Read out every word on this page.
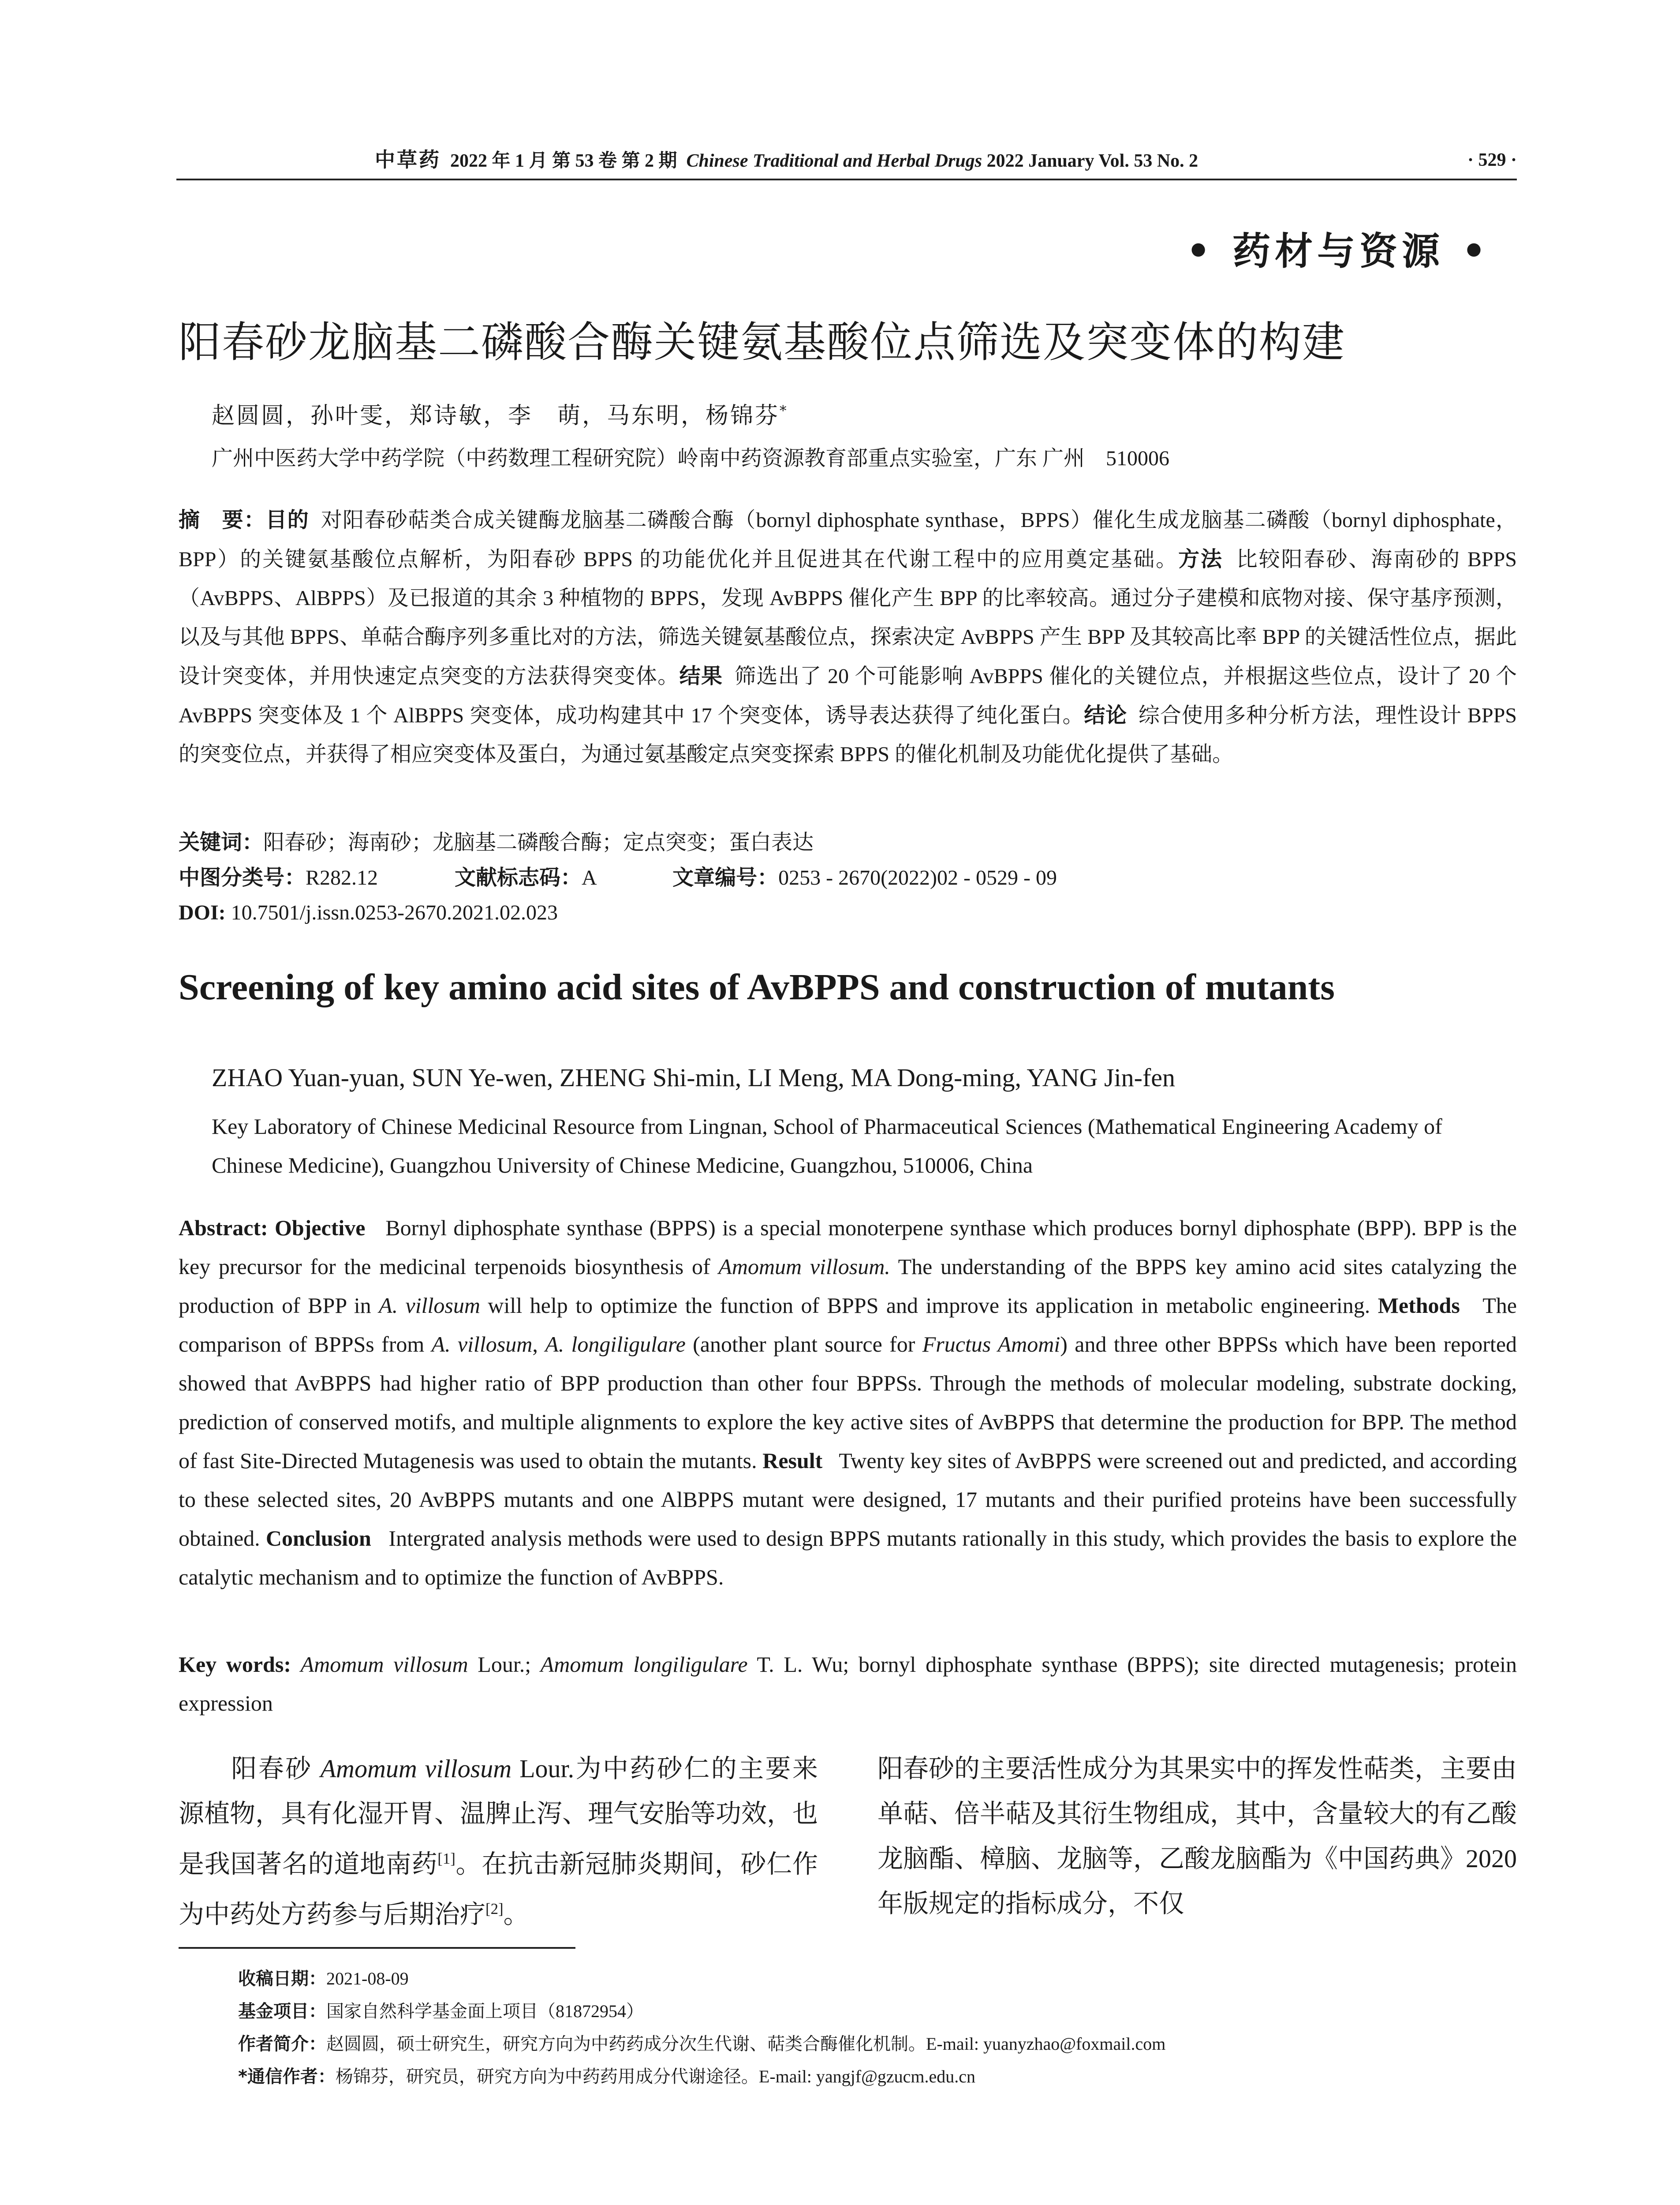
中草药 2022 年 1 月 第 53 卷 第 2 期 Chinese Traditional and Herbal Drugs 2022 January Vol. 53 No. 2	· 529 ·
• 药材与资源 •
阳春砂龙脑基二磷酸合酶关键氨基酸位点筛选及突变体的构建
赵圆圆，孙叶雯，郑诗敏，李　萌，马东明，杨锦芬*
广州中医药大学中药学院（中药数理工程研究院）岭南中药资源教育部重点实验室，广东 广州　510006
摘　要：目的 对阳春砂萜类合成关键酶龙脑基二磷酸合酶（bornyl diphosphate synthase，BPPS）催化生成龙脑基二磷酸（bornyl diphosphate，BPP）的关键氨基酸位点解析，为阳春砂 BPPS 的功能优化并且促进其在代谢工程中的应用奠定基础。方法 比较阳春砂、海南砂的 BPPS（AvBPPS、AlBPPS）及已报道的其余 3 种植物的 BPPS，发现 AvBPPS 催化产生 BPP 的比率较高。通过分子建模和底物对接、保守基序预测，以及与其他 BPPS、单萜合酶序列多重比对的方法，筛选关键氨基酸位点，探索决定 AvBPPS 产生 BPP 及其较高比率 BPP 的关键活性位点，据此设计突变体，并用快速定点突变的方法获得突变体。结果 筛选出了 20 个可能影响 AvBPPS 催化的关键位点，并根据这些位点，设计了 20 个 AvBPPS 突变体及 1 个 AlBPPS 突变体，成功构建其中 17 个突变体，诱导表达获得了纯化蛋白。结论 综合使用多种分析方法，理性设计 BPPS 的突变位点，并获得了相应突变体及蛋白，为通过氨基酸定点突变探索 BPPS 的催化机制及功能优化提供了基础。
关键词：阳春砂；海南砂；龙脑基二磷酸合酶；定点突变；蛋白表达
中图分类号：R282.12	文献标志码：A	文章编号：0253 - 2670(2022)02 - 0529 - 09
DOI: 10.7501/j.issn.0253-2670.2021.02.023
Screening of key amino acid sites of AvBPPS and construction of mutants
ZHAO Yuan-yuan, SUN Ye-wen, ZHENG Shi-min, LI Meng, MA Dong-ming, YANG Jin-fen
Key Laboratory of Chinese Medicinal Resource from Lingnan, School of Pharmaceutical Sciences (Mathematical Engineering Academy of Chinese Medicine), Guangzhou University of Chinese Medicine, Guangzhou, 510006, China
Abstract: Objective Bornyl diphosphate synthase (BPPS) is a special monoterpene synthase which produces bornyl diphosphate (BPP). BPP is the key precursor for the medicinal terpenoids biosynthesis of Amomum villosum. The understanding of the BPPS key amino acid sites catalyzing the production of BPP in A. villosum will help to optimize the function of BPPS and improve its application in metabolic engineering. Methods The comparison of BPPSs from A. villosum, A. longiligulare (another plant source for Fructus Amomi) and three other BPPSs which have been reported showed that AvBPPS had higher ratio of BPP production than other four BPPSs. Through the methods of molecular modeling, substrate docking, prediction of conserved motifs, and multiple alignments to explore the key active sites of AvBPPS that determine the production for BPP. The method of fast Site-Directed Mutagenesis was used to obtain the mutants. Result Twenty key sites of AvBPPS were screened out and predicted, and according to these selected sites, 20 AvBPPS mutants and one AlBPPS mutant were designed, 17 mutants and their purified proteins have been successfully obtained. Conclusion Intergrated analysis methods were used to design BPPS mutants rationally in this study, which provides the basis to explore the catalytic mechanism and to optimize the function of AvBPPS.
Key words: Amomum villosum Lour.; Amomum longiligulare T. L. Wu; bornyl diphosphate synthase (BPPS); site directed mutagenesis; protein expression
阳春砂 Amomum villosum Lour.为中药砂仁的主要来源植物，具有化湿开胃、温脾止泻、理气安胎等功效，也是我国著名的道地南药[1]。在抗击新冠肺炎期间，砂仁作为中药处方药参与后期治疗[2]。
阳春砂的主要活性成分为其果实中的挥发性萜类，主要由单萜、倍半萜及其衍生物组成，其中，含量较大的有乙酸龙脑酯、樟脑、龙脑等，乙酸龙脑酯为《中国药典》2020 年版规定的指标成分，不仅
收稿日期：2021-08-09
基金项目：国家自然科学基金面上项目（81872954）
作者简介：赵圆圆，硕士研究生，研究方向为中药药成分次生代谢、萜类合酶催化机制。E-mail: yuanyzhao@foxmail.com
*通信作者：杨锦芬，研究员，研究方向为中药药用成分代谢途径。E-mail: yangjf@gzucm.edu.cn
